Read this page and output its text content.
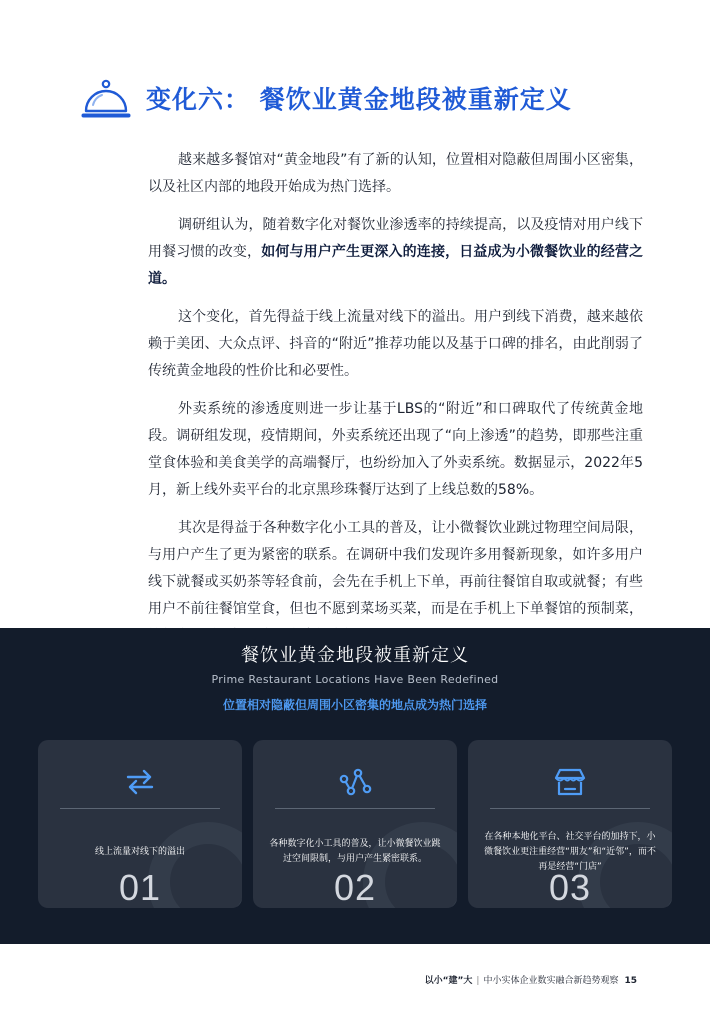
变化六： 餐饮业黄金地段被重新定义

越来越多餐馆对“黄金地段”有了新的认知，位置相对隐蔽但周围小区密集，以及社区内部的地段开始成为热门选择。

调研组认为，随着数字化对餐饮业渗透率的持续提高，以及疫情对用户线下用餐习惯的改变，如何与用户产生更深入的连接，日益成为小微餐饮业的经营之道。

这个变化，首先得益于线上流量对线下的溢出。用户到线下消费，越来越依赖于美团、大众点评、抖音的“附近”推荐功能以及基于口碑的排名，由此削弱了传统黄金地段的性价比和必要性。

外卖系统的渗透度则进一步让基于LBS的“附近”和口碑取代了传统黄金地段。调研组发现，疫情期间，外卖系统还出现了“向上渗透”的趋势，即那些注重堂食体验和美食美学的高端餐厅，也纷纷加入了外卖系统。数据显示，2022年5月，新上线外卖平台的北京黑珍珠餐厅达到了上线总数的58%。

其次是得益于各种数字化小工具的普及，让小微餐饮业跳过物理空间局限，与用户产生了更为紧密的联系。在调研中我们发现许多用餐新现象，如许多用户线下就餐或买奶茶等轻食前，会先在手机上下单，再前往餐馆自取或就餐；有些用户不前往餐馆堂食，但也不愿到菜场买菜，而是在手机上下单餐馆的预制菜，

餐饮业黄金地段被重新定义
Prime Restaurant Locations Have Been Redefined
位置相对隐蔽但周围小区密集的地点成为热门选择
线上流量对线下的溢出
01
各种数字化小工具的普及，让小微餐饮业跳过空间限制，与用户产生紧密联系。
02
在各种本地化平台、社交平台的加持下，小微餐饮业更注重经营“朋友”和“近邻”，而不再是经营“门店”
03
以小“建”大 | 中小实体企业数实融合新趋势观察 15
